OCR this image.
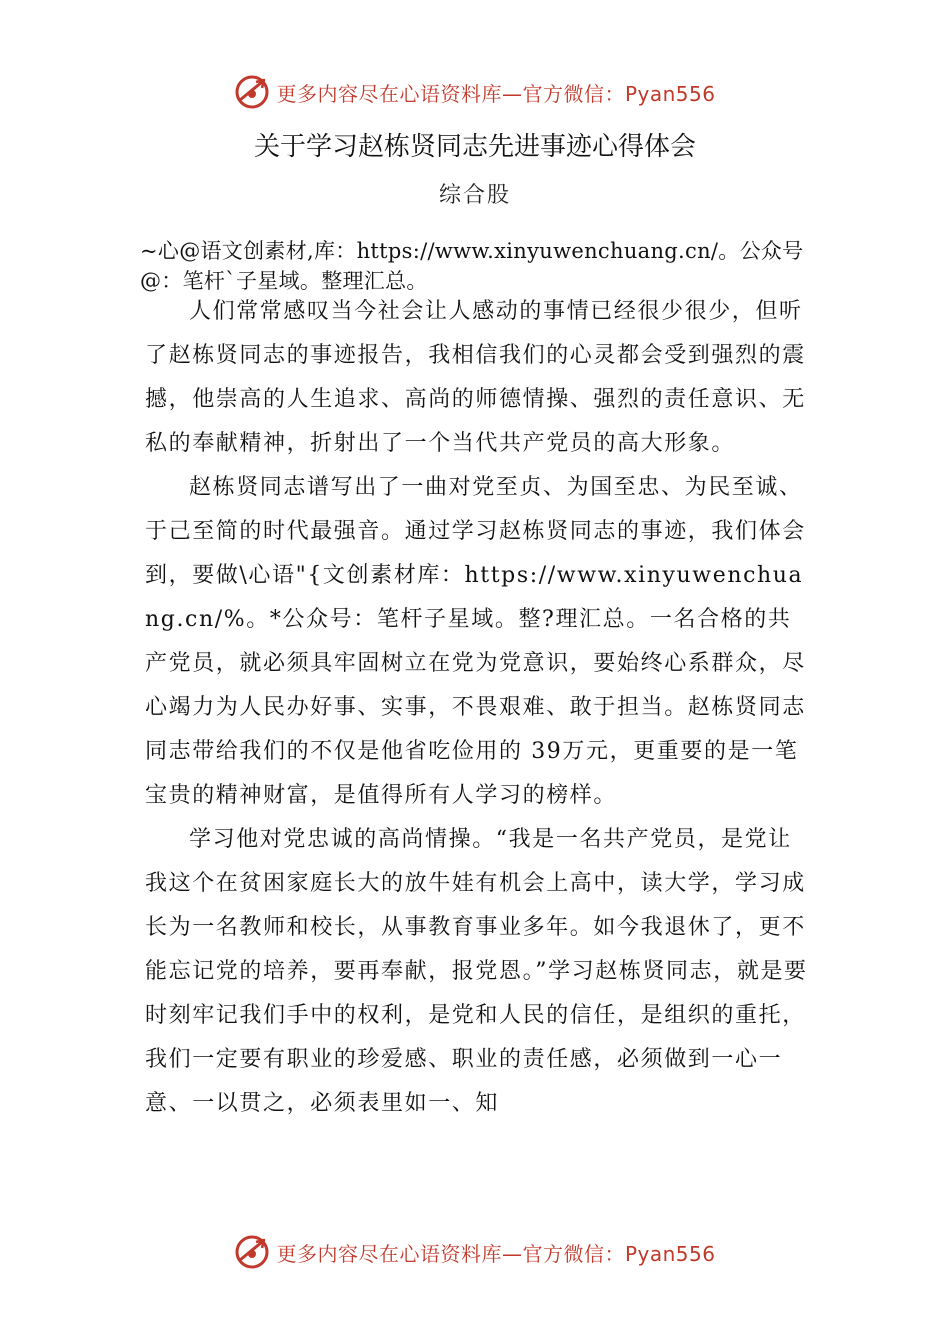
更多内容尽在心语资料库—官方微信：Pyan556
关于学习赵栋贤同志先进事迹心得体会
综合股
~心@语文创素材,库：https://www.xinyuwenchuang.cn/。公众号@：笔杆`子星域。整理汇总。

人们常常感叹当今社会让人感动的事情已经很少很少，但听了赵栋贤同志的事迹报告，我相信我们的心灵都会受到强烈的震撼，他崇高的人生追求、高尚的师德情操、强烈的责任意识、无私的奉献精神，折射出了一个当代共产党员的高大形象。

赵栋贤同志谱写出了一曲对党至贞、为国至忠、为民至诚、于己至简的时代最强音。通过学习赵栋贤同志的事迹，我们体会到，要做\心语"{文创素材库：https://www.xinyuwenchuang.cn/%。*公众号：笔杆子星域。整?理汇总。一名合格的共产党员，就必须具牢固树立在党为党意识，要始终心系群众，尽心竭力为人民办好事、实事，不畏艰难、敢于担当。赵栋贤同志同志带给我们的不仅是他省吃俭用的 39万元，更重要的是一笔宝贵的精神财富，是值得所有人学习的榜样。

学习他对党忠诚的高尚情操。“我是一名共产党员，是党让我这个在贫困家庭长大的放牛娃有机会上高中，读大学，学习成长为一名教师和校长，从事教育事业多年。如今我退休了，更不能忘记党的培养，要再奉献，报党恩。”学习赵栋贤同志，就是要时刻牢记我们手中的权利，是党和人民的信任，是组织的重托，我们一定要有职业的珍爱感、职业的责任感，必须做到一心一意、一以贯之，必须表里如一、知

更多内容尽在心语资料库—官方微信：Pyan556
